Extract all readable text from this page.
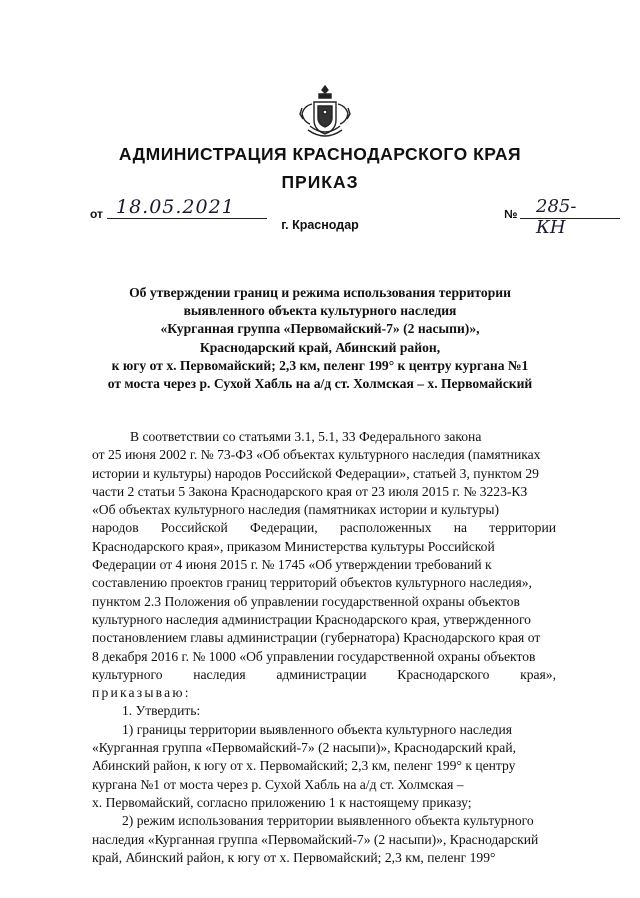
АДМИНИСТРАЦИЯ КРАСНОДАРСКОГО КРАЯ
ПРИКАЗ
от 18.05.2021	№ 285-КН
г. Краснодар
Об утверждении границ и режима использования территории
выявленного объекта культурного наследия
«Курганная группа «Первомайский-7» (2 насыпи)»,
Краснодарский край, Абинский район,
к югу от х. Первомайский; 2,3 км, пеленг 199° к центру кургана №1
от моста через р. Сухой Хабль на а/д ст. Холмская – х. Первомайский
В соответствии со статьями 3.1, 5.1, 33 Федерального закона
от 25 июня 2002 г. № 73-ФЗ «Об объектах культурного наследия (памятниках
истории и культуры) народов Российской Федерации», статьей 3, пунктом 29
части 2 статьи 5 Закона Краснодарского края от 23 июля 2015 г. № 3223-КЗ
«Об объектах культурного наследия (памятниках истории и культуры)
народов Российской Федерации, расположенных на территории
Краснодарского края», приказом Министерства культуры Российской
Федерации от 4 июня 2015 г. № 1745 «Об утверждении требований к
составлению проектов границ территорий объектов культурного наследия»,
пунктом 2.3 Положения об управлении государственной охраны объектов
культурного наследия администрации Краснодарского края, утвержденного
постановлением главы администрации (губернатора) Краснодарского края от
8 декабря 2016 г. № 1000 «Об управлении государственной охраны объектов
культурного наследия администрации Краснодарского края»,
приказываю:
1. Утвердить:
1) границы территории выявленного объекта культурного наследия
«Курганная группа «Первомайский-7» (2 насыпи)», Краснодарский край,
Абинский район, к югу от х. Первомайский; 2,3 км, пеленг 199° к центру
кургана №1 от моста через р. Сухой Хабль на а/д ст. Холмская –
х. Первомайский, согласно приложению 1 к настоящему приказу;
2) режим использования территории выявленного объекта культурного
наследия «Курганная группа «Первомайский-7» (2 насыпи)», Краснодарский
край, Абинский район, к югу от х. Первомайский; 2,3 км, пеленг 199°
